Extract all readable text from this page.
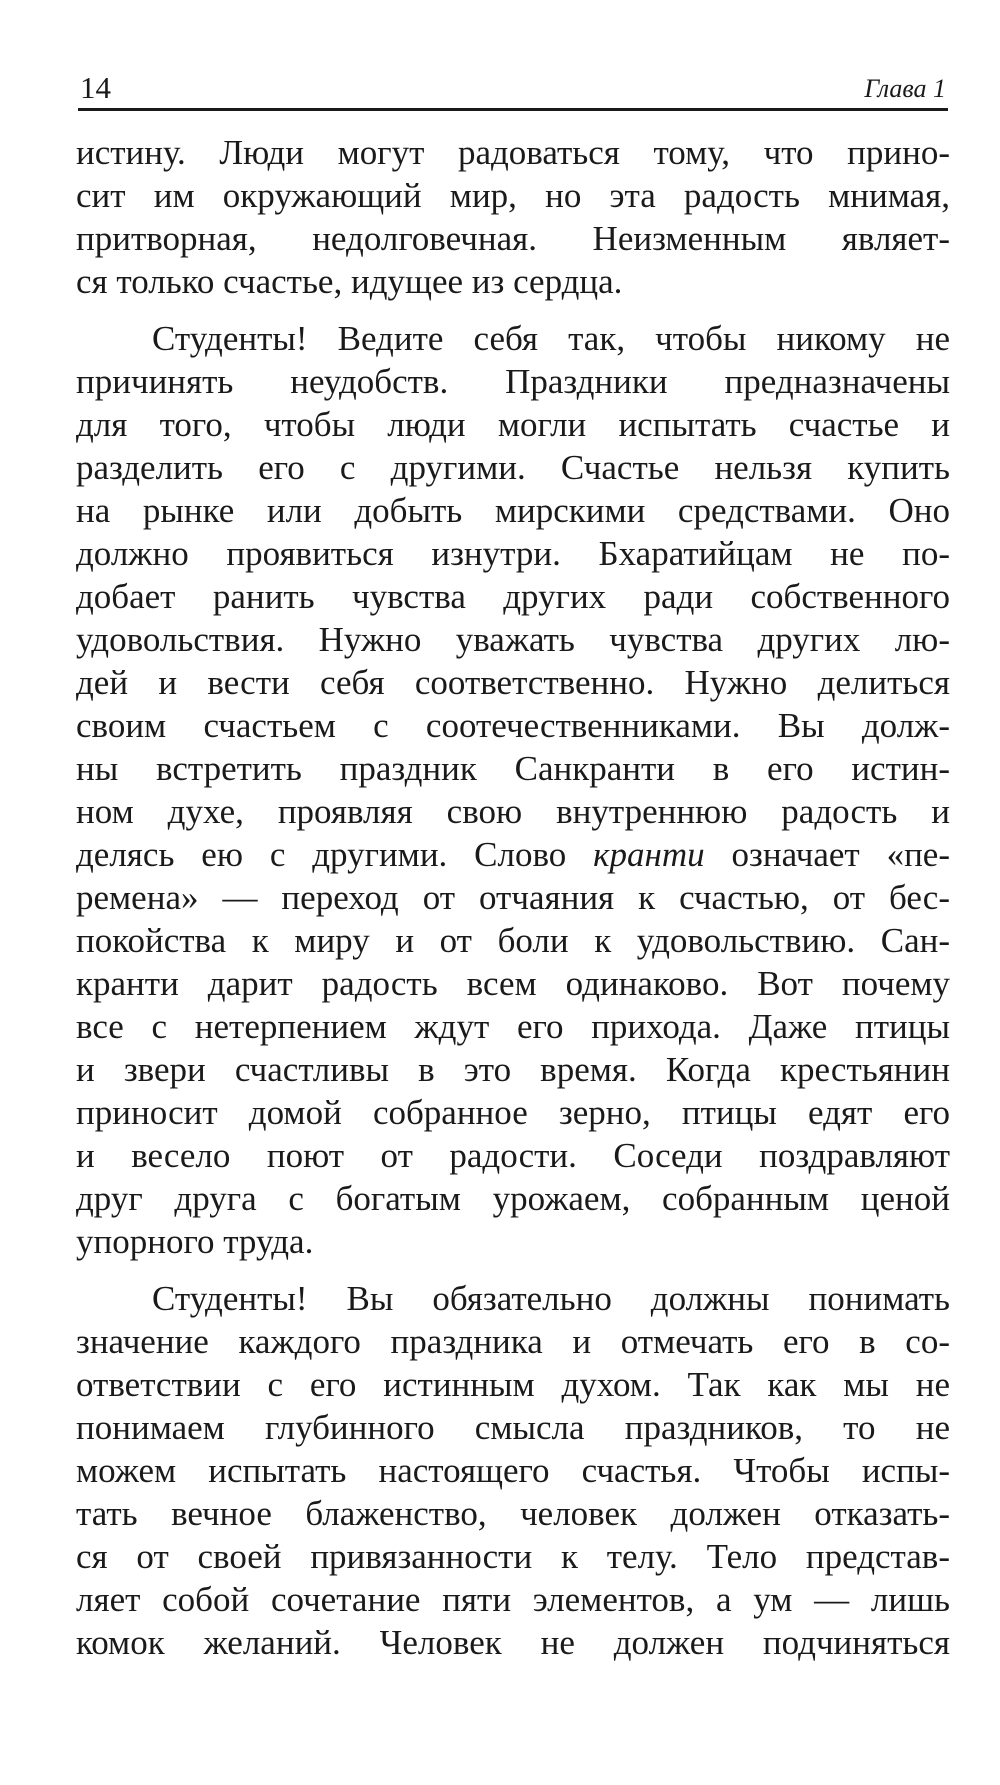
14	Глава 1
истину. Люди могут радоваться тому, что прино-
сит им окружающий мир, но эта радость мнимая,
притворная, недолговечная. Неизменным являет-
ся только счастье, идущее из сердца.
Студенты! Ведите себя так, чтобы никому не
причинять неудобств. Праздники предназначены
для того, чтобы люди могли испытать счастье и
разделить его с другими. Счастье нельзя купить
на рынке или добыть мирскими средствами. Оно
должно проявиться изнутри. Бхаратийцам не по-
добает ранить чувства других ради собственного
удовольствия. Нужно уважать чувства других лю-
дей и вести себя соответственно. Нужно делиться
своим счастьем с соотечественниками. Вы долж-
ны встретить праздник Санкранти в его истин-
ном духе, проявляя свою внутреннюю радость и
делясь ею с другими. Слово кранти означает «пе-
ремена» — переход от отчаяния к счастью, от бес-
покойства к миру и от боли к удовольствию. Сан-
кранти дарит радость всем одинаково. Вот почему
все с нетерпением ждут его прихода. Даже птицы
и звери счастливы в это время. Когда крестьянин
приносит домой собранное зерно, птицы едят его
и весело поют от радости. Соседи поздравляют
друг друга с богатым урожаем, собранным ценой
упорного труда.
Студенты! Вы обязательно должны понимать
значение каждого праздника и отмечать его в со-
ответствии с его истинным духом. Так как мы не
понимаем глубинного смысла праздников, то не
можем испытать настоящего счастья. Чтобы испы-
тать вечное блаженство, человек должен отказать-
ся от своей привязанности к телу. Тело представ-
ляет собой сочетание пяти элементов, а ум — лишь
комок желаний. Человек не должен подчиняться
